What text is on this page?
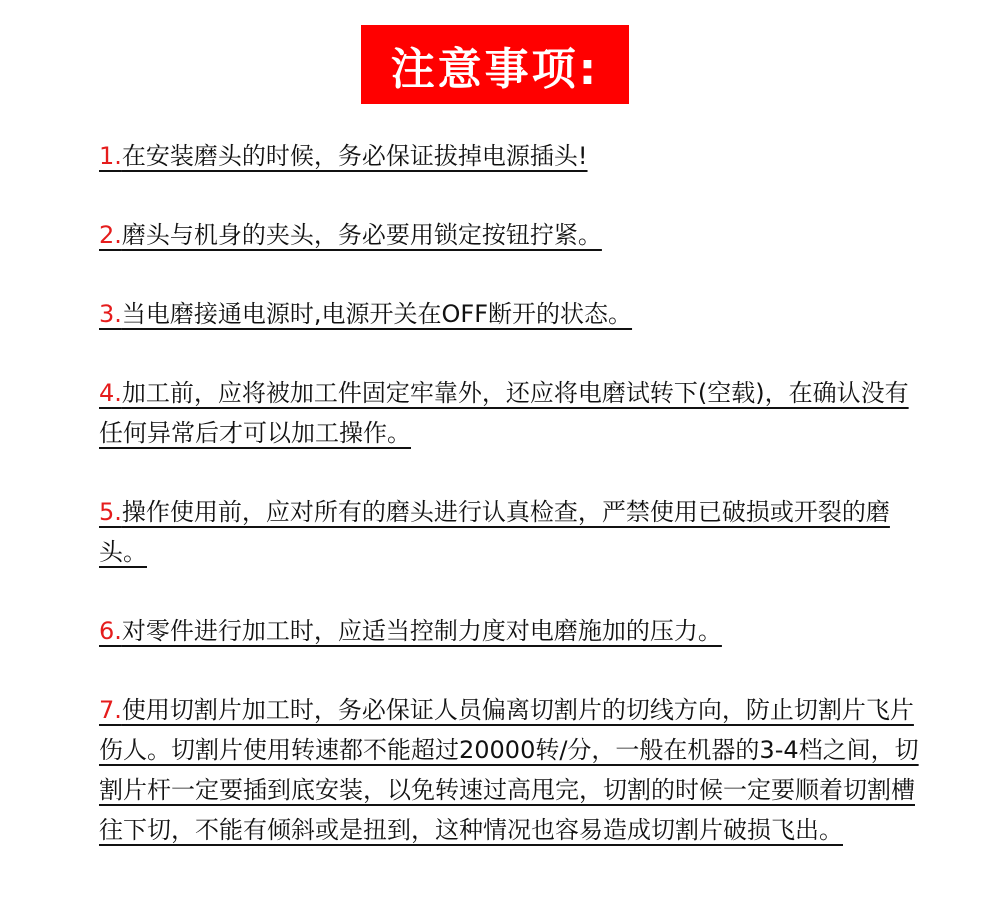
注意事项:
1.在安装磨头的时候，务必保证拔掉电源插头!
2.磨头与机身的夹头，务必要用锁定按钮拧紧。
3.当电磨接通电源时,电源开关在OFF断开的状态。
4.加工前，应将被加工件固定牢靠外，还应将电磨试转下(空载)，在确认没有任何异常后才可以加工操作。
5.操作使用前，应对所有的磨头进行认真检查，严禁使用已破损或开裂的磨头。
6.对零件进行加工时，应适当控制力度对电磨施加的压力。
7.使用切割片加工时，务必保证人员偏离切割片的切线方向，防止切割片飞片伤人。切割片使用转速都不能超过20000转/分，一般在机器的3-4档之间，切割片杆一定要插到底安装，以免转速过高甩完，切割的时候一定要顺着切割槽往下切，不能有倾斜或是扭到，这种情况也容易造成切割片破损飞出。
